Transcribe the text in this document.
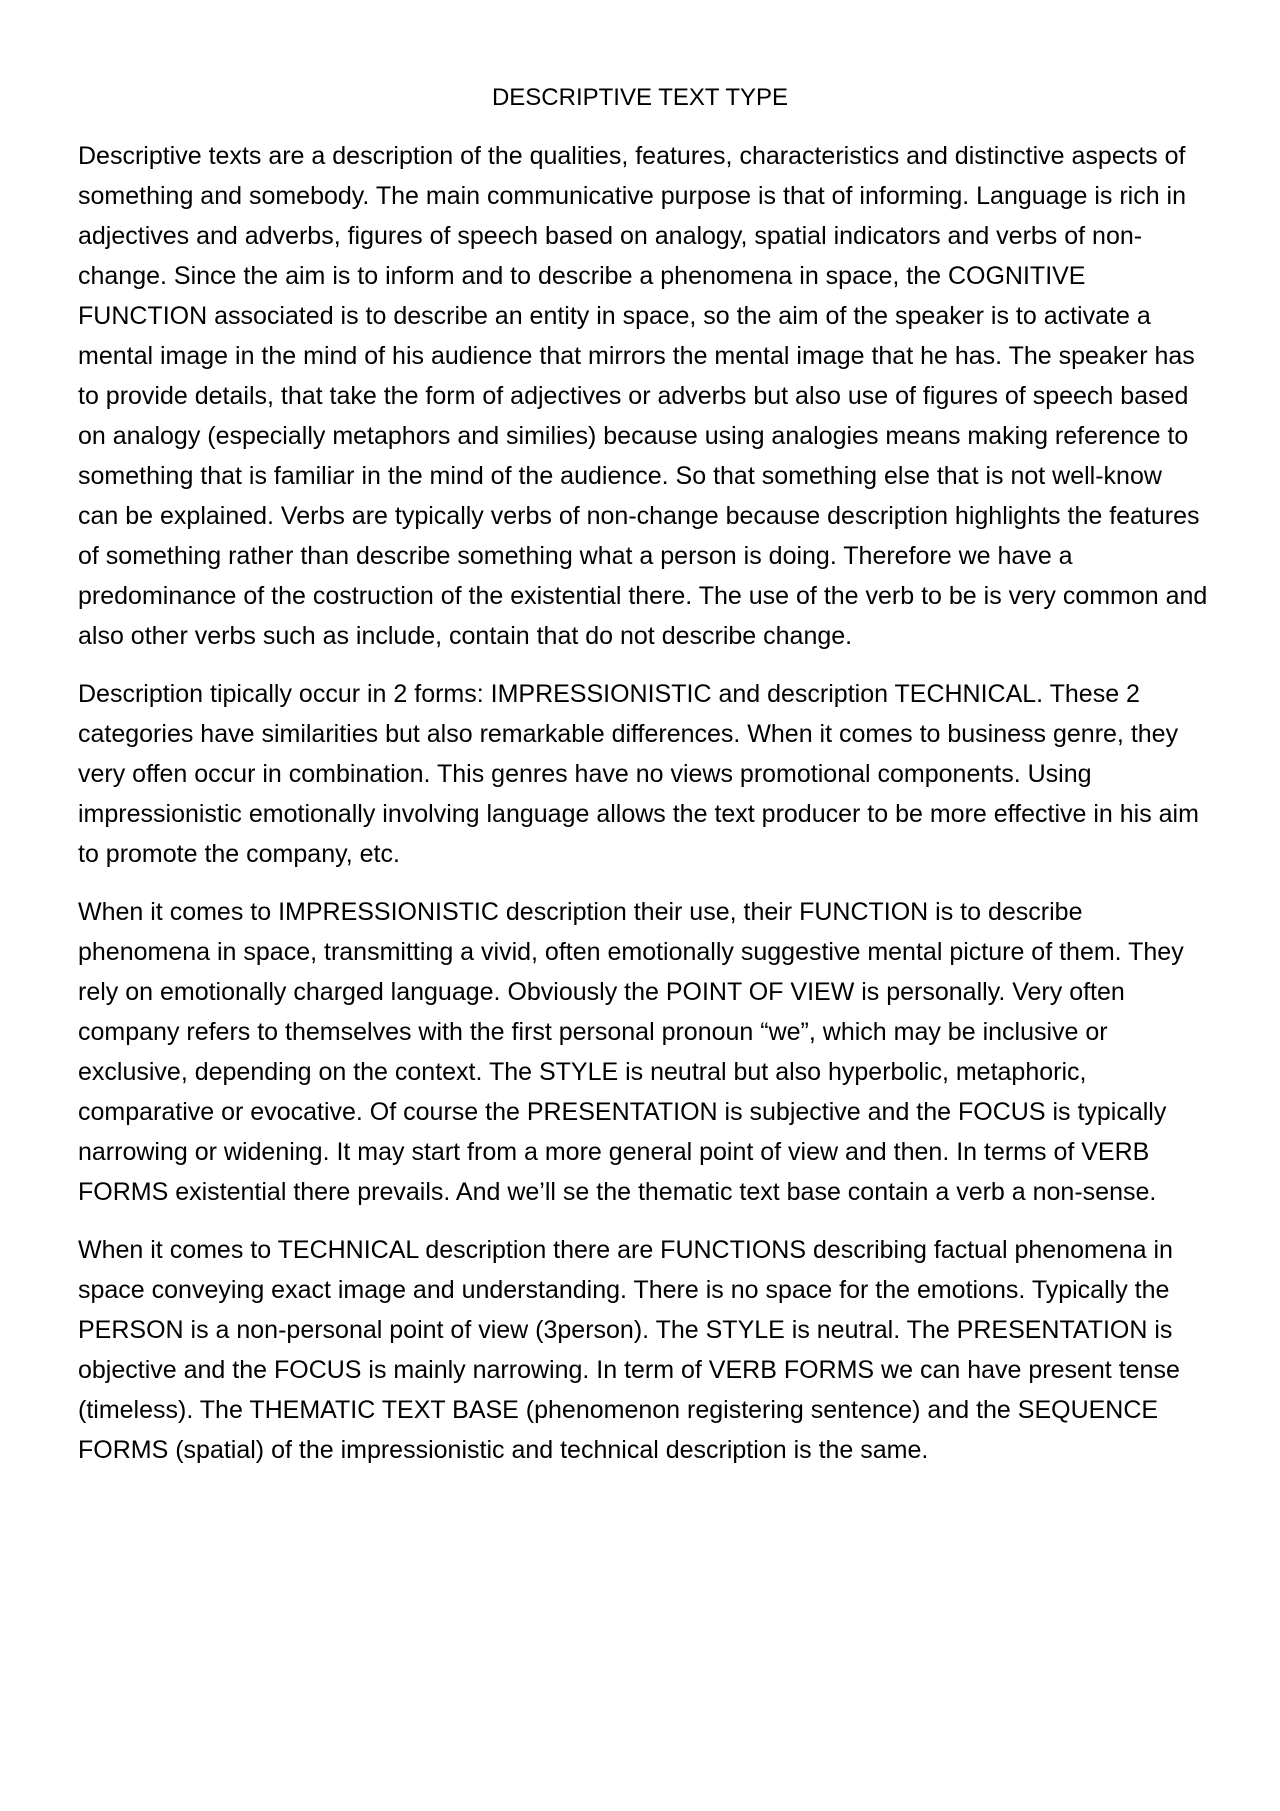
DESCRIPTIVE TEXT TYPE

Descriptive texts are a description of the qualities, features, characteristics and distinctive aspects of something and somebody. The main communicative purpose is that of informing. Language is rich in adjectives and adverbs, figures of speech based on analogy, spatial indicators and verbs of non-change. Since the aim is to inform and to describe a phenomena in space, the COGNITIVE FUNCTION associated is to describe an entity in space, so the aim of the speaker is to activate a mental image in the mind of his audience that mirrors the mental image that he has. The speaker has to provide details, that take the form of adjectives or adverbs but also use of figures of speech based on analogy (especially metaphors and similies) because using analogies means making reference to something that is familiar in the mind of the audience. So that something else that is not well-know can be explained. Verbs are typically verbs of non-change because description highlights the features of something rather than describe something what a person is doing. Therefore we have a predominance of the costruction of the existential there. The use of the verb to be is very common and also other verbs such as include, contain that do not describe change.

Description tipically occur in 2 forms: IMPRESSIONISTIC and description TECHNICAL. These 2 categories have similarities but also remarkable differences. When it comes to business genre, they very offen occur in combination. This genres have no views promotional components. Using impressionistic emotionally involving language allows the text producer to be more effective in his aim to promote the company, etc.

When it comes to IMPRESSIONISTIC description their use, their FUNCTION is to describe phenomena in space, transmitting a vivid, often emotionally suggestive mental picture of them. They rely on emotionally charged language. Obviously the POINT OF VIEW is personally. Very often company refers to themselves with the first personal pronoun “we”, which may be inclusive or exclusive, depending on the context. The STYLE is neutral but also hyperbolic, metaphoric, comparative or evocative. Of course the PRESENTATION is subjective and the FOCUS is typically narrowing or widening. It may start from a more general point of view and then. In terms of VERB FORMS existential there prevails. And we’ll se the thematic text base contain a verb a non-sense.

When it comes to TECHNICAL description there are FUNCTIONS describing factual phenomena in space conveying exact image and understanding. There is no space for the emotions. Typically the PERSON is a non-personal point of view (3person). The STYLE is neutral. The PRESENTATION is objective and the FOCUS is mainly narrowing. In term of VERB FORMS we can have present tense (timeless). The THEMATIC TEXT BASE (phenomenon registering sentence) and the SEQUENCE FORMS (spatial) of the impressionistic and technical description is the same.
